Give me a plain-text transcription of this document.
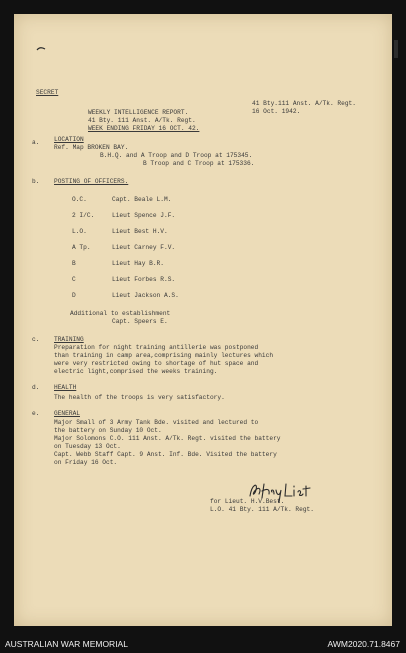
SECRET
41 Bty.111 Anst. A/Tk. Regt.
16 Oct. 1942.
WEEKLY INTELLIGENCE REPORT.
41 Bty. 111 Anst. A/Tk. Regt.
WEEK ENDING FRIDAY 16 OCT. 42.
a. LOCATION
Ref. Map BROKEN BAY.
B.H.Q. and A Troop and D Troop at 175345.
B Troop and C Troop at 175336.
b. POSTING OF OFFICERS.
O.C.	Capt. Beale L.M.
2 I/C.	Lieut Spence J.F.
L.O.	Lieut Best H.V.
A Tp.	Lieut Carney F.V.
B	Lieut Hay B.R.
C	Lieut Forbes R.S.
D	Lieut Jackson A.S.
Additional to establishment
Capt. Speers E.
c. TRAINING
Preparation for night training antillerie was postponed
than training in camp area,comprising mainly lectures which
were very restricted owing to shortage of hut space and
electric light,comprised the weeks training.
d. HEALTH
The health of the troops is very satisfactory.
e. GENERAL
Major Small of 3 Army Tank Bde. visited and lectured to
the battery on Sunday 10 Oct.
Major Solomons C.O. 111 Anst. A/Tk. Regt. visited the battery
on Tuesday 13 Oct.
Capt. Webb Staff Capt. 9 Anst. Inf. Bde. Visited the battery
on Friday 16 Oct.
for Lieut. H.V.Best.
L.O. 41 Bty. 111 A/Tk. Regt.
AUSTRALIAN WAR MEMORIAL	AWM2020.71.8467
